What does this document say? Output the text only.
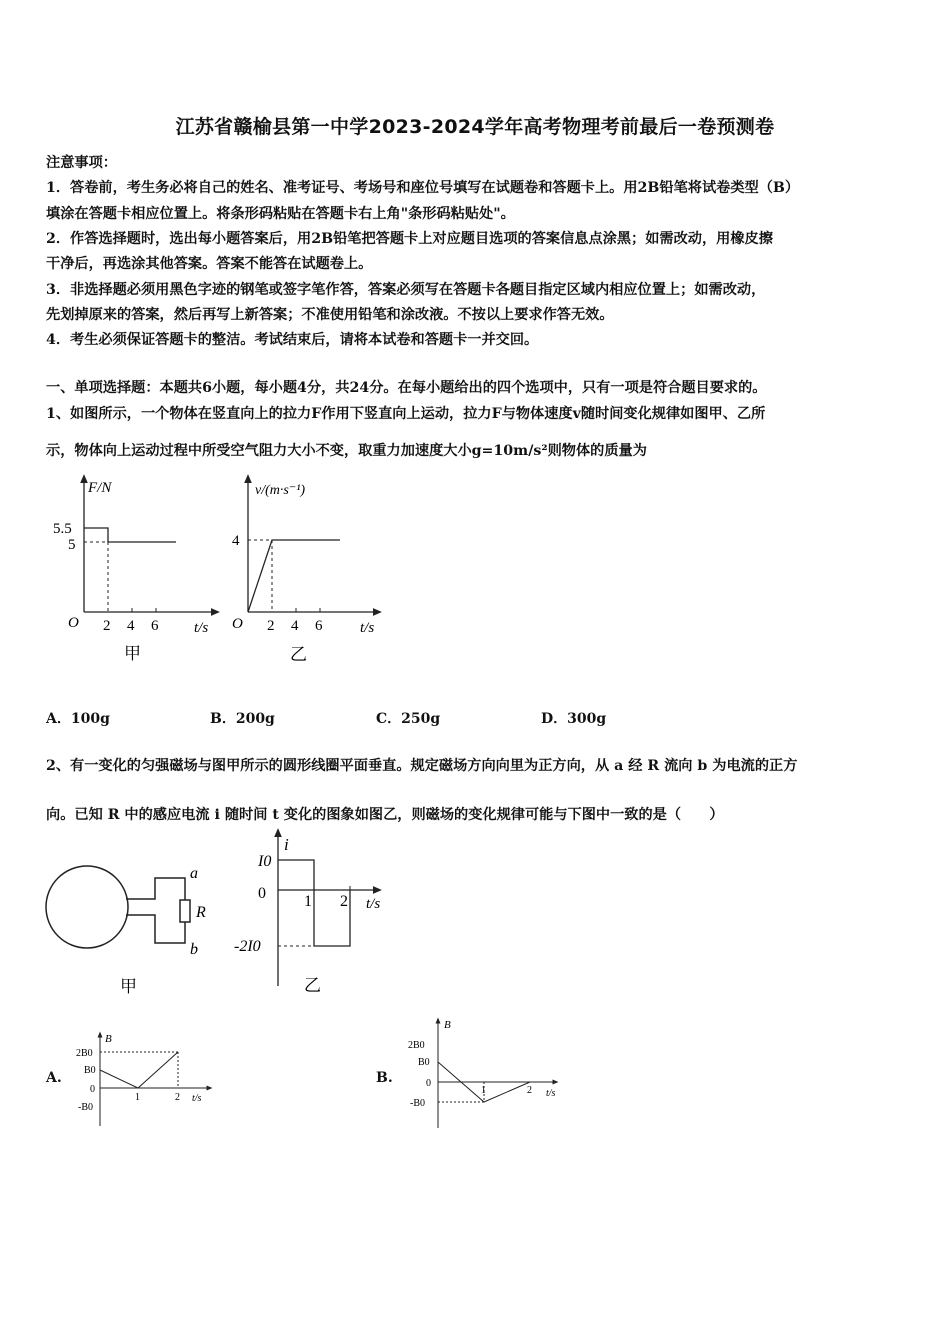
江苏省赣榆县第一中学2023-2024学年高考物理考前最后一卷预测卷
注意事项：
1．答卷前，考生务必将自己的姓名、准考证号、考场号和座位号填写在试题卷和答题卡上。用2B铅笔将试卷类型（B）
填涂在答题卡相应位置上。将条形码粘贴在答题卡右上角"条形码粘贴处"。
2．作答选择题时，选出每小题答案后，用2B铅笔把答题卡上对应题目选项的答案信息点涂黑；如需改动，用橡皮擦
干净后，再选涂其他答案。答案不能答在试题卷上。
3．非选择题必须用黑色字迹的钢笔或签字笔作答，答案必须写在答题卡各题目指定区域内相应位置上；如需改动，
先划掉原来的答案，然后再写上新答案；不准使用铅笔和涂改液。不按以上要求作答无效。
4．考生必须保证答题卡的整洁。考试结束后，请将本试卷和答题卡一并交回。
一、单项选择题：本题共6小题，每小题4分，共24分。在每小题给出的四个选项中，只有一项是符合题目要求的。
1、如图所示，一个物体在竖直向上的拉力F作用下竖直向上运动，拉力F与物体速度v随时间变化规律如图甲、乙所
示，物体向上运动过程中所受空气阻力大小不变，取重力加速度大小g=10m/s²则物体的质量为
F/N
5.5
5
O 2 4 6 t/s
甲
v/(m·s⁻¹)
4
O 2 4 6	t/s
乙
A．100g	B．200g	C．250g	D．300g
2、有一变化的匀强磁场与图甲所示的圆形线圈平面垂直。规定磁场方向向里为正方向，从 a 经 R 流向 b 为电流的正方
向。已知 R 中的感应电流 i 随时间 t 变化的图象如图乙，则磁场的变化规律可能与下图中一致的是（　　）
a
R
b
甲
i
I0
0
-2I0
1 2 t/s
乙
A.
B
2B0
B0
0
-B0
1	2 t/s
B.
B
2B0
B0
0
-B0
1	2 t/s
